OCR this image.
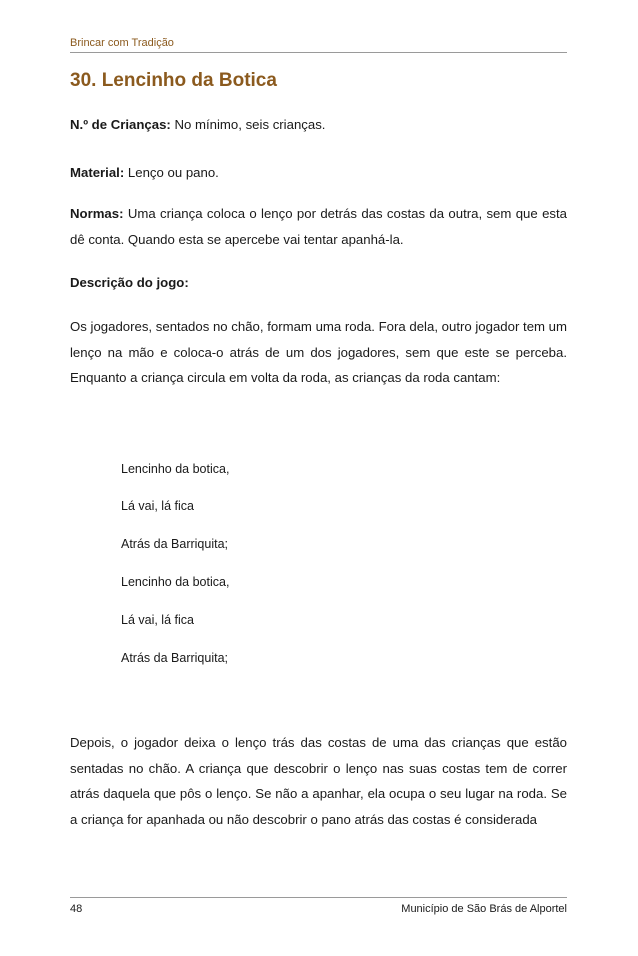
Brincar com Tradição
30. Lencinho da Botica
N.º de Crianças: No mínimo, seis crianças.
Material: Lenço ou pano.
Normas: Uma criança coloca o lenço por detrás das costas da outra, sem que esta dê conta. Quando esta se apercebe vai tentar apanhá-la.
Descrição do jogo:
Os jogadores, sentados no chão, formam uma roda. Fora dela, outro jogador tem um lenço na mão e coloca-o atrás de um dos jogadores, sem que este se perceba. Enquanto a criança circula em volta da roda, as crianças da roda cantam:
Lencinho da botica,
Lá vai, lá fica
Atrás da Barriquita;
Lencinho da botica,
Lá vai, lá fica
Atrás da Barriquita;
Depois, o jogador deixa o lenço trás das costas de uma das crianças que estão sentadas no chão. A criança que descobrir o lenço nas suas costas tem de correr atrás daquela que pôs o lenço. Se não a apanhar, ela ocupa o seu lugar na roda. Se a criança for apanhada ou não descobrir o pano atrás das costas é considerada
48	Município de São Brás de Alportel
